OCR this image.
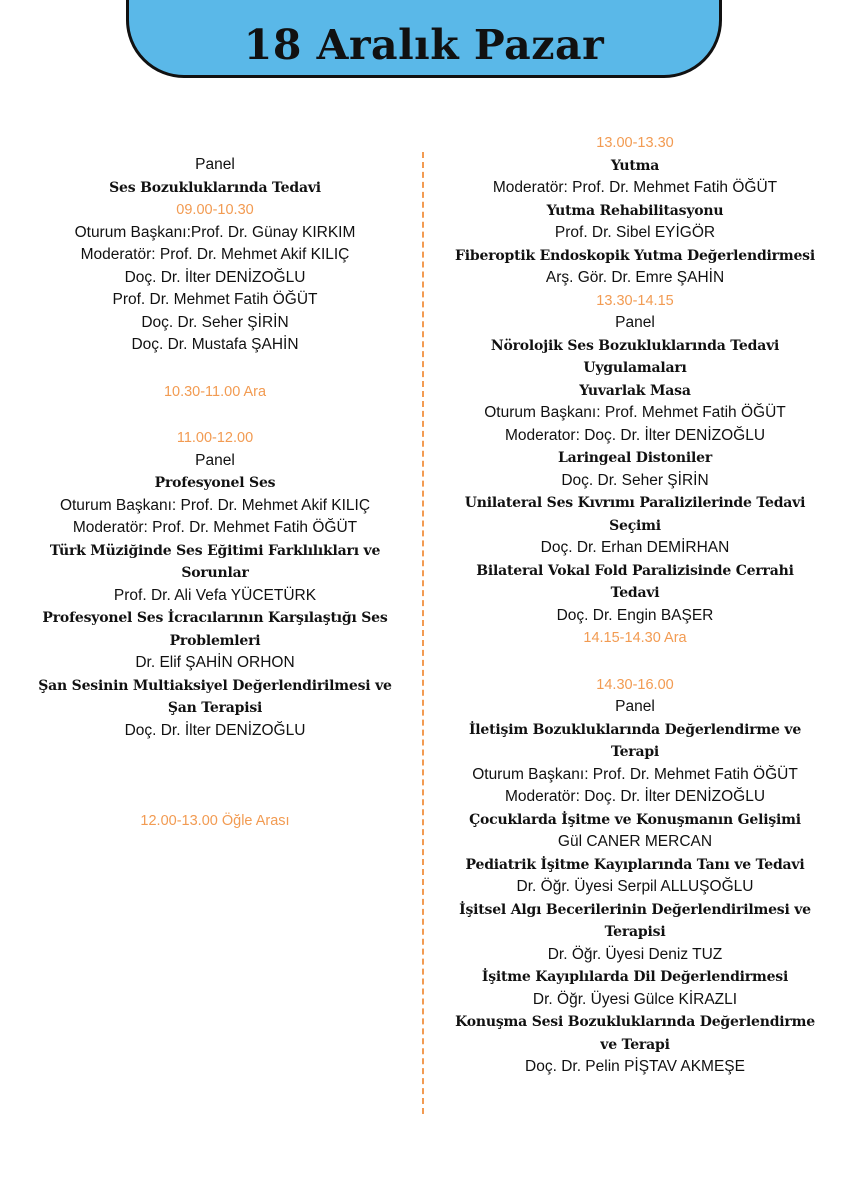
18 Aralık Pazar
Panel
Ses Bozukluklarında Tedavi
09.00-10.30
Oturum Başkanı:Prof. Dr. Günay KIRKIM
Moderatör: Prof. Dr. Mehmet Akif KILIÇ
Doç. Dr. İlter DENİZOĞLU
Prof. Dr. Mehmet Fatih ÖĞÜT
Doç. Dr. Seher ŞİRİN
Doç. Dr. Mustafa ŞAHİN
10.30-11.00 Ara
11.00-12.00
Panel
Profesyonel Ses
Oturum Başkanı: Prof. Dr. Mehmet Akif KILIÇ
Moderatör: Prof. Dr. Mehmet Fatih ÖĞÜT
Türk Müziğinde Ses Eğitimi Farklılıkları ve
Sorunlar
Prof. Dr. Ali Vefa YÜCETÜRK
Profesyonel Ses İcracılarının Karşılaştığı Ses
Problemleri
Dr. Elif ŞAHİN ORHON
Şan Sesinin Multiaksiyel Değerlendirilmesi ve
Şan Terapisi
Doç. Dr. İlter DENİZOĞLU
12.00-13.00 Öğle Arası
13.00-13.30
Yutma
Moderatör: Prof. Dr. Mehmet Fatih ÖĞÜT
Yutma Rehabilitasyonu
Prof. Dr. Sibel EYİGÖR
Fiberoptik Endoskopik Yutma Değerlendirmesi
Arş. Gör. Dr. Emre ŞAHİN
13.30-14.15
Panel
Nörolojik Ses Bozukluklarında Tedavi
Uygulamaları
Yuvarlak Masa
Oturum Başkanı: Prof. Mehmet Fatih ÖĞÜT
Moderator: Doç. Dr. İlter DENİZOĞLU
Laringeal Distoniler
Doç. Dr. Seher ŞİRİN
Unilateral Ses Kıvrımı Paralizilerinde Tedavi
Seçimi
Doç. Dr. Erhan DEMİRHAN
Bilateral Vokal Fold Paralizisinde Cerrahi
Tedavi
Doç. Dr. Engin BAŞER
14.15-14.30 Ara
14.30-16.00
Panel
İletişim Bozukluklarında Değerlendirme ve
Terapi
Oturum Başkanı: Prof. Dr. Mehmet Fatih ÖĞÜT
Moderatör: Doç. Dr. İlter DENİZOĞLU
Çocuklarda İşitme ve Konuşmanın Gelişimi
Gül CANER MERCAN
Pediatrik İşitme Kayıplarında Tanı ve Tedavi
Dr. Öğr. Üyesi Serpil ALLUŞOĞLU
İşitsel Algı Becerilerinin Değerlendirilmesi ve
Terapisi
Dr. Öğr. Üyesi Deniz TUZ
İşitme Kayıplılarda Dil Değerlendirmesi
Dr. Öğr. Üyesi Gülce KİRAZLI
Konuşma Sesi Bozukluklarında Değerlendirme
ve Terapi
Doç. Dr. Pelin PİŞTAV AKMEŞE
